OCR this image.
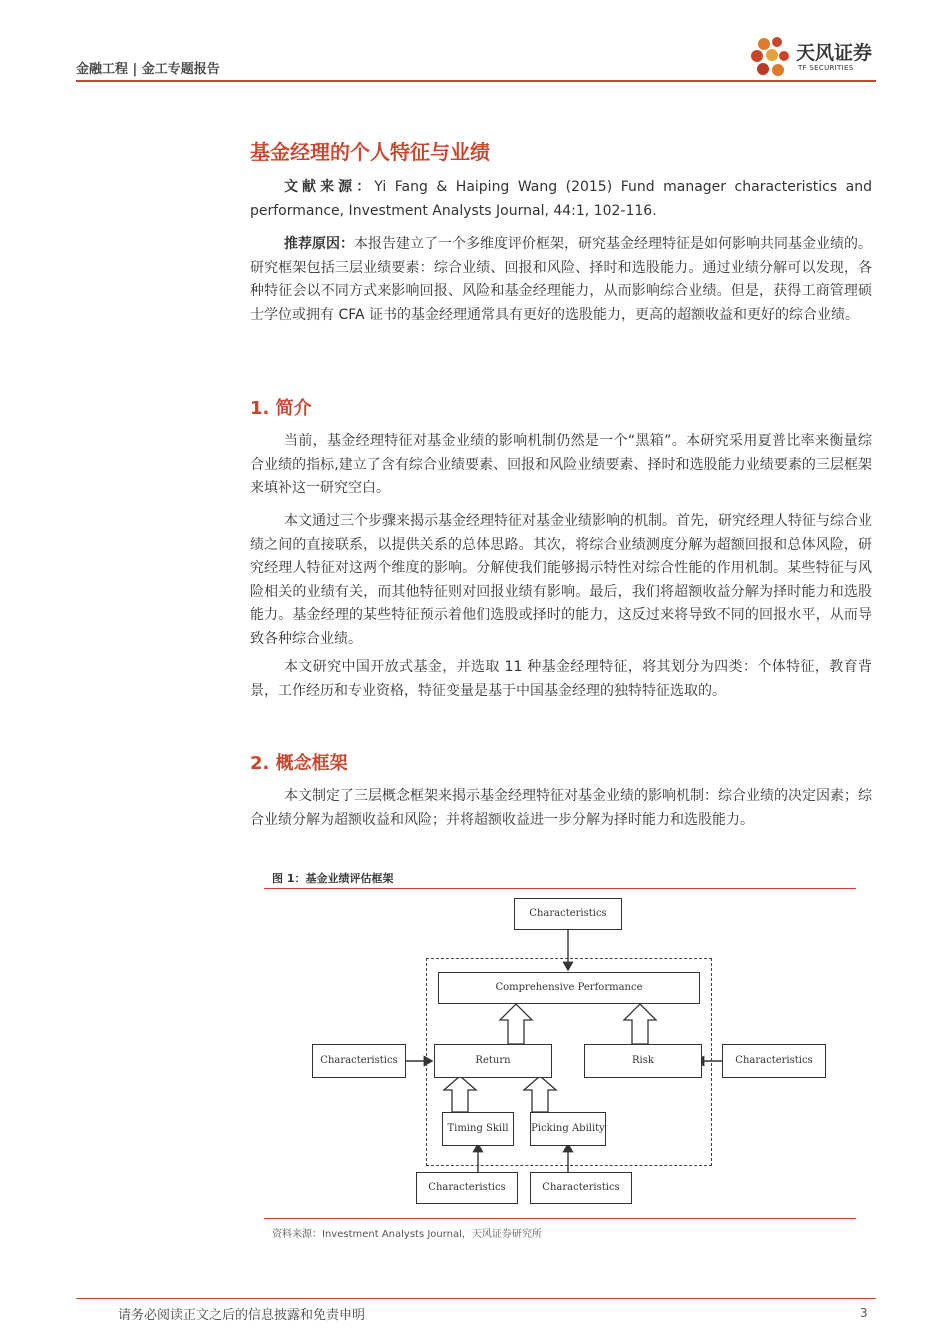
金融工程 | 金工专题报告
天风证券
TF SECURITIES
基金经理的个人特征与业绩
文献来源：Yi Fang & Haiping Wang (2015) Fund manager characteristics and performance, Investment Analysts Journal, 44:1, 102-116.
推荐原因：本报告建立了一个多维度评价框架，研究基金经理特征是如何影响共同基金业绩的。研究框架包括三层业绩要素：综合业绩、回报和风险、择时和选股能力。通过业绩分解可以发现，各种特征会以不同方式来影响回报、风险和基金经理能力，从而影响综合业绩。但是，获得工商管理硕士学位或拥有 CFA 证书的基金经理通常具有更好的选股能力，更高的超额收益和更好的综合业绩。
1. 简介
当前，基金经理特征对基金业绩的影响机制仍然是一个“黑箱”。本研究采用夏普比率来衡量综合业绩的指标,建立了含有综合业绩要素、回报和风险业绩要素、择时和选股能力业绩要素的三层框架来填补这一研究空白。
本文通过三个步骤来揭示基金经理特征对基金业绩影响的机制。首先，研究经理人特征与综合业绩之间的直接联系，以提供关系的总体思路。其次，将综合业绩测度分解为超额回报和总体风险，研究经理人特征对这两个维度的影响。分解使我们能够揭示特性对综合性能的作用机制。某些特征与风险相关的业绩有关，而其他特征则对回报业绩有影响。最后，我们将超额收益分解为择时能力和选股能力。基金经理的某些特征预示着他们选股或择时的能力，这反过来将导致不同的回报水平，从而导致各种综合业绩。
本文研究中国开放式基金，并选取 11 种基金经理特征，将其划分为四类：个体特征，教育背景，工作经历和专业资格，特征变量是基于中国基金经理的独特特征选取的。
2. 概念框架
本文制定了三层概念框架来揭示基金经理特征对基金业绩的影响机制：综合业绩的决定因素；综合业绩分解为超额收益和风险；并将超额收益进一步分解为择时能力和选股能力。
图 1：基金业绩评估框架
Characteristics
Comprehensive Performance
Characteristics	Return	Risk	Characteristics
Timing Skill	Picking Ability
Characteristics	Characteristics
资料来源：Investment Analysts Journal，天风证券研究所
请务必阅读正文之后的信息披露和免责申明	3
